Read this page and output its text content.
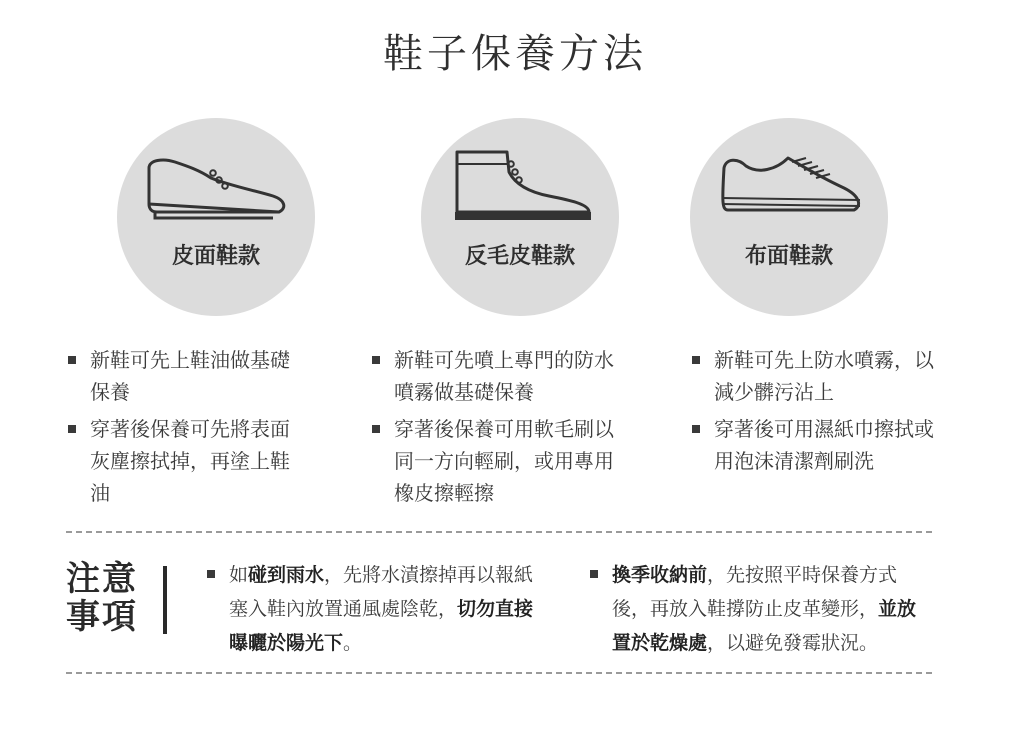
鞋子保養方法
皮面鞋款
新鞋可先上鞋油做基礎保養
穿著後保養可先將表面灰塵擦拭掉，再塗上鞋油
反毛皮鞋款
新鞋可先噴上專門的防水噴霧做基礎保養
穿著後保養可用軟毛刷以同一方向輕刷，或用專用橡皮擦輕擦
布面鞋款
新鞋可先上防水噴霧，以減少髒污沾上
穿著後可用濕紙巾擦拭或用泡沫清潔劑刷洗
注意事項
如碰到雨水，先將水漬擦掉再以報紙塞入鞋內放置通風處陰乾，切勿直接曝曬於陽光下。
換季收納前，先按照平時保養方式後，再放入鞋撐防止皮革變形，並放置於乾燥處，以避免發霉狀況。
